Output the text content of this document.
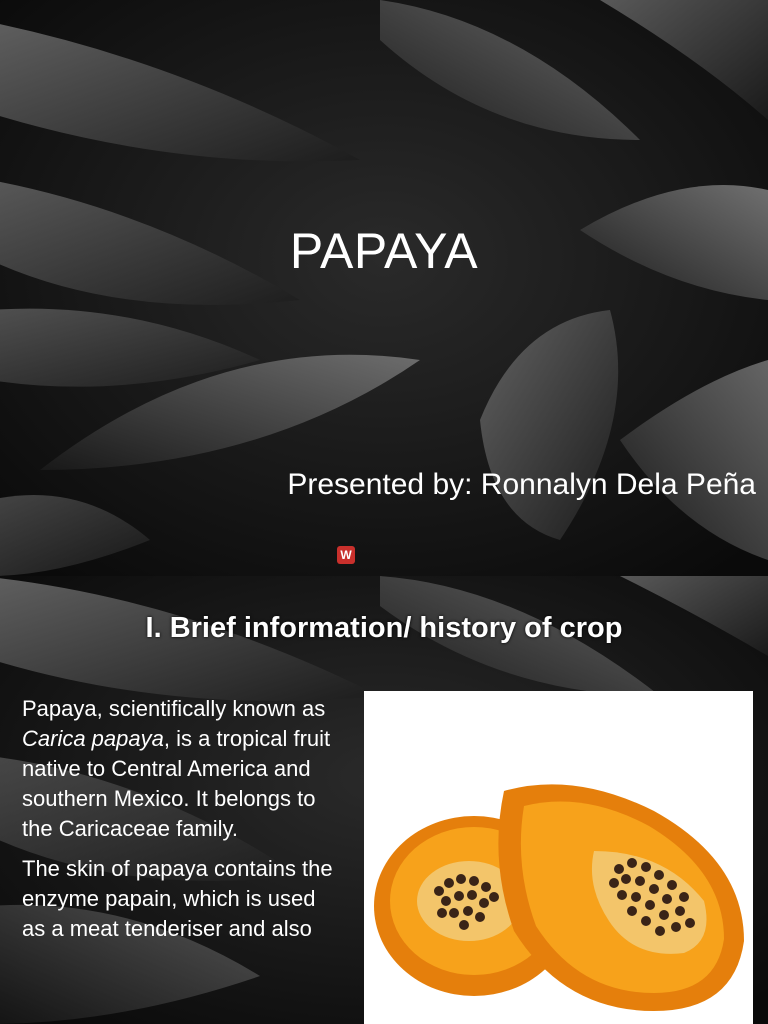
PAPAYA
Presented by: Ronnalyn Dela Peña
W
I. Brief information/ history of crop

Papaya, scientifically known as Carica papaya, is a tropical fruit native to Central America and southern Mexico. It belongs to the Caricaceae family.

The skin of papaya contains the enzyme papain, which is used as a meat tenderiser and also
